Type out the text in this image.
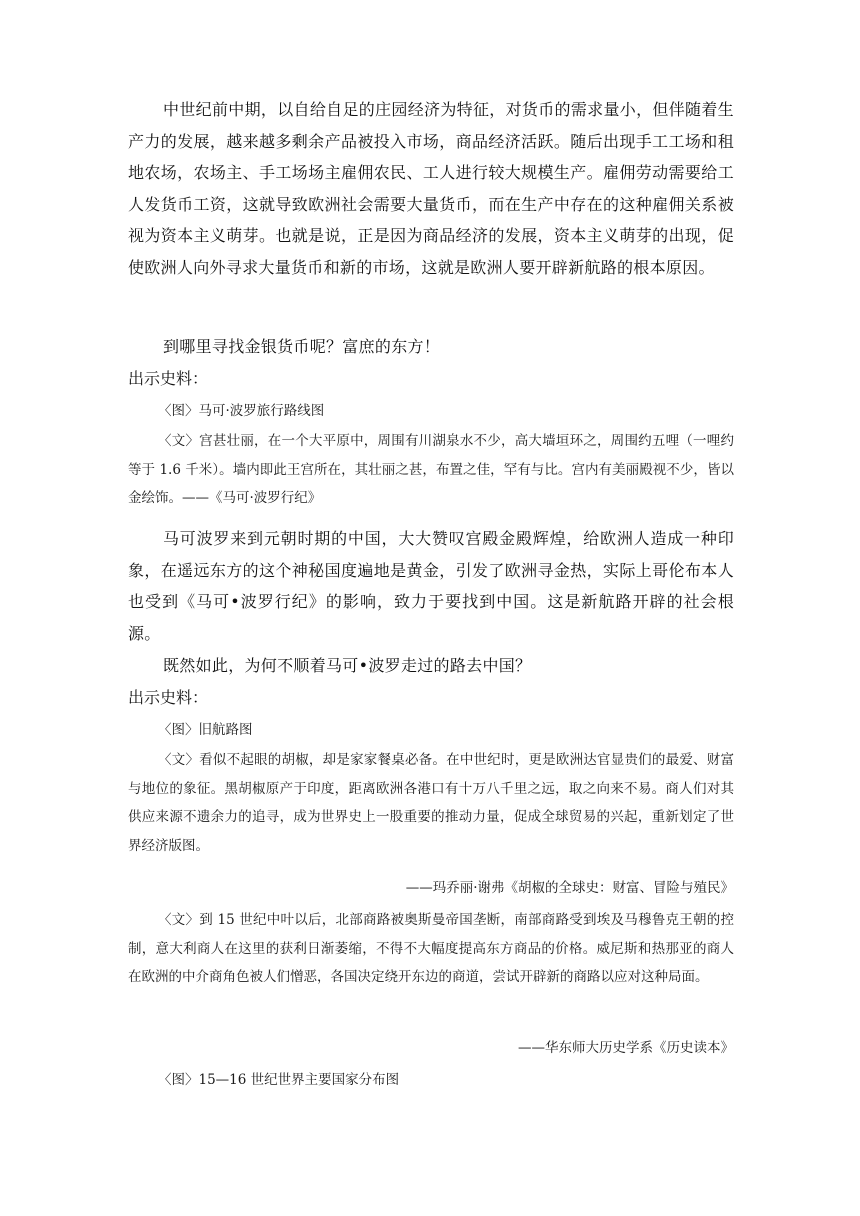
中世纪前中期，以自给自足的庄园经济为特征，对货币的需求量小，但伴随着生产力的发展，越来越多剩余产品被投入市场，商品经济活跃。随后出现手工工场和租地农场，农场主、手工场场主雇佣农民、工人进行较大规模生产。雇佣劳动需要给工人发货币工资，这就导致欧洲社会需要大量货币，而在生产中存在的这种雇佣关系被视为资本主义萌芽。也就是说，正是因为商品经济的发展，资本主义萌芽的出现，促使欧洲人向外寻求大量货币和新的市场，这就是欧洲人要开辟新航路的根本原因。

到哪里寻找金银货币呢？富庶的东方！

出示史料：

〈图〉马可·波罗旅行路线图

〈文〉宫甚壮丽，在一个大平原中，周围有川湖泉水不少，高大墙垣环之，周围约五哩（一哩约等于 1.6 千米）。墙内即此王宫所在，其壮丽之甚，布置之佳，罕有与比。宫内有美丽殿视不少，皆以金绘饰。——《马可·波罗行纪》

马可波罗来到元朝时期的中国，大大赞叹宫殿金殿辉煌，给欧洲人造成一种印象，在遥远东方的这个神秘国度遍地是黄金，引发了欧洲寻金热，实际上哥伦布本人也受到《马可•波罗行纪》的影响，致力于要找到中国。这是新航路开辟的社会根源。

既然如此，为何不顺着马可•波罗走过的路去中国？

出示史料：

〈图〉旧航路图

〈文〉看似不起眼的胡椒，却是家家餐桌必备。在中世纪时，更是欧洲达官显贵们的最爱、财富与地位的象征。黑胡椒原产于印度，距离欧洲各港口有十万八千里之远，取之向来不易。商人们对其供应来源不遗余力的追寻，成为世界史上一股重要的推动力量，促成全球贸易的兴起，重新划定了世界经济版图。

——玛乔丽·谢弗《胡椒的全球史：财富、冒险与殖民》

〈文〉到 15 世纪中叶以后，北部商路被奥斯曼帝国垄断，南部商路受到埃及马穆鲁克王朝的控制，意大利商人在这里的获利日渐萎缩，不得不大幅度提高东方商品的价格。威尼斯和热那亚的商人在欧洲的中介商角色被人们憎恶，各国决定绕开东边的商道，尝试开辟新的商路以应对这种局面。

——华东师大历史学系《历史读本》

〈图〉15—16 世纪世界主要国家分布图
